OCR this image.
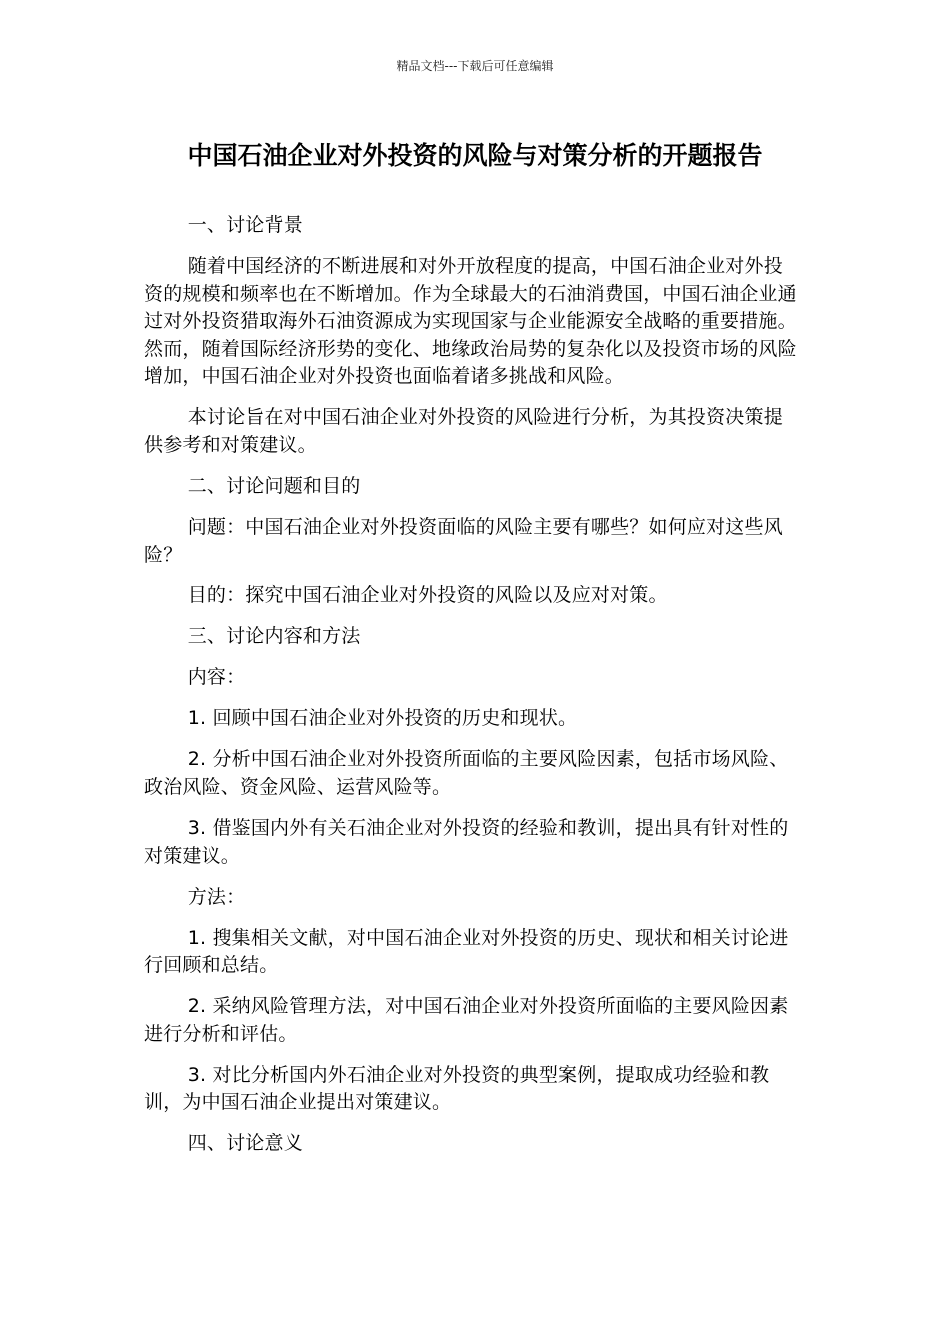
精品文档---下载后可任意编辑
中国石油企业对外投资的风险与对策分析的开题报告

一、讨论背景

随着中国经济的不断进展和对外开放程度的提高，中国石油企业对外投资的规模和频率也在不断增加。作为全球最大的石油消费国，中国石油企业通过对外投资猎取海外石油资源成为实现国家与企业能源安全战略的重要措施。然而，随着国际经济形势的变化、地缘政治局势的复杂化以及投资市场的风险增加，中国石油企业对外投资也面临着诸多挑战和风险。

本讨论旨在对中国石油企业对外投资的风险进行分析，为其投资决策提供参考和对策建议。

二、讨论问题和目的

问题：中国石油企业对外投资面临的风险主要有哪些？如何应对这些风险？

目的：探究中国石油企业对外投资的风险以及应对对策。

三、讨论内容和方法

内容：

1. 回顾中国石油企业对外投资的历史和现状。

2. 分析中国石油企业对外投资所面临的主要风险因素，包括市场风险、政治风险、资金风险、运营风险等。

3. 借鉴国内外有关石油企业对外投资的经验和教训，提出具有针对性的对策建议。

方法：

1. 搜集相关文献，对中国石油企业对外投资的历史、现状和相关讨论进行回顾和总结。

2. 采纳风险管理方法，对中国石油企业对外投资所面临的主要风险因素进行分析和评估。

3. 对比分析国内外石油企业对外投资的典型案例，提取成功经验和教训，为中国石油企业提出对策建议。

四、讨论意义
